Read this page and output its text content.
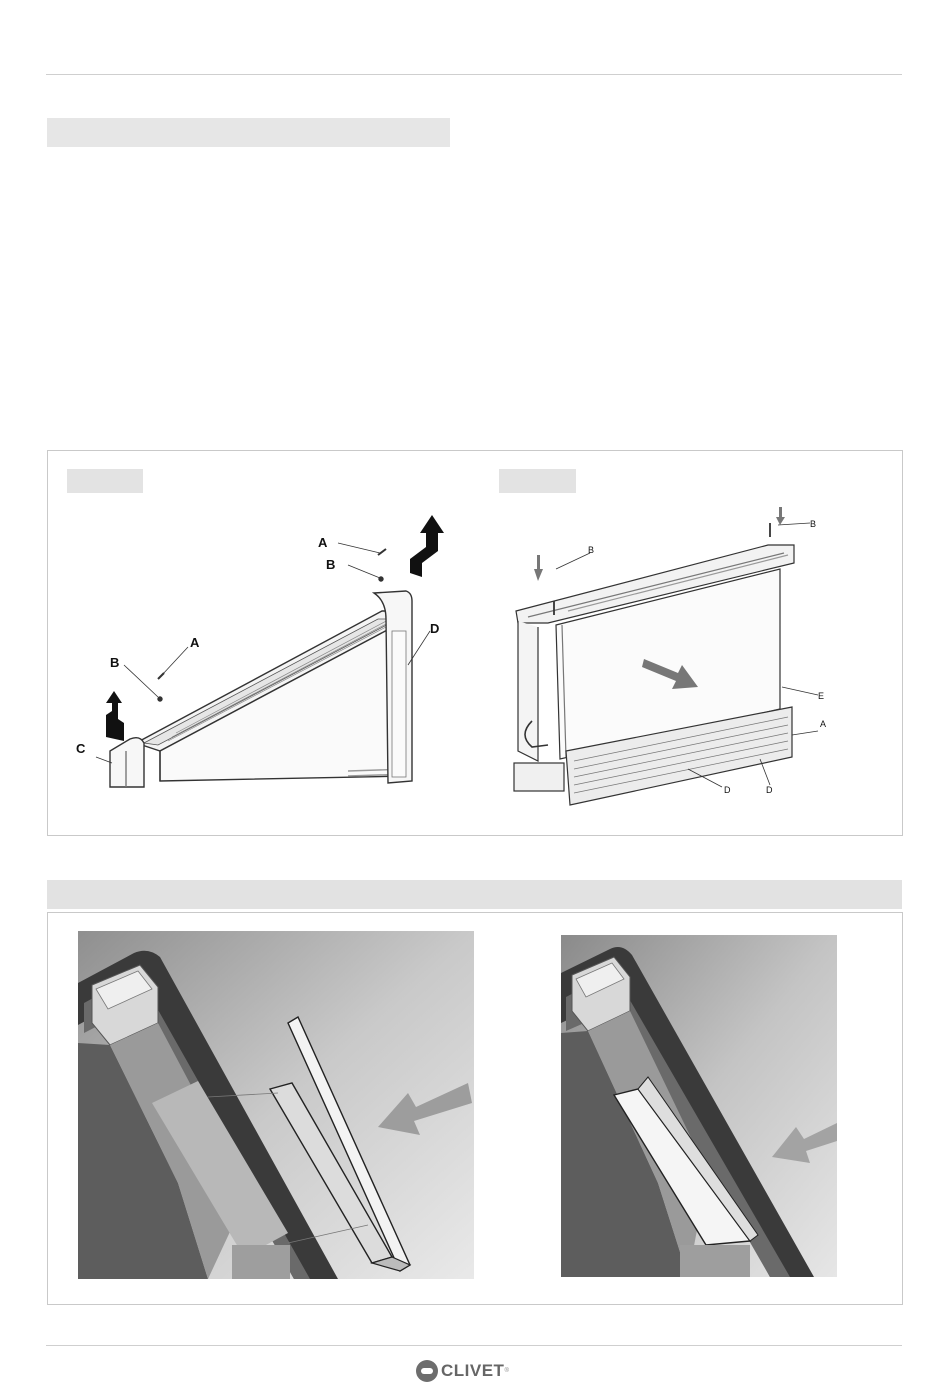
A
B
A
B
C
D
B
B
E
A
D	D
CLIVET ®
